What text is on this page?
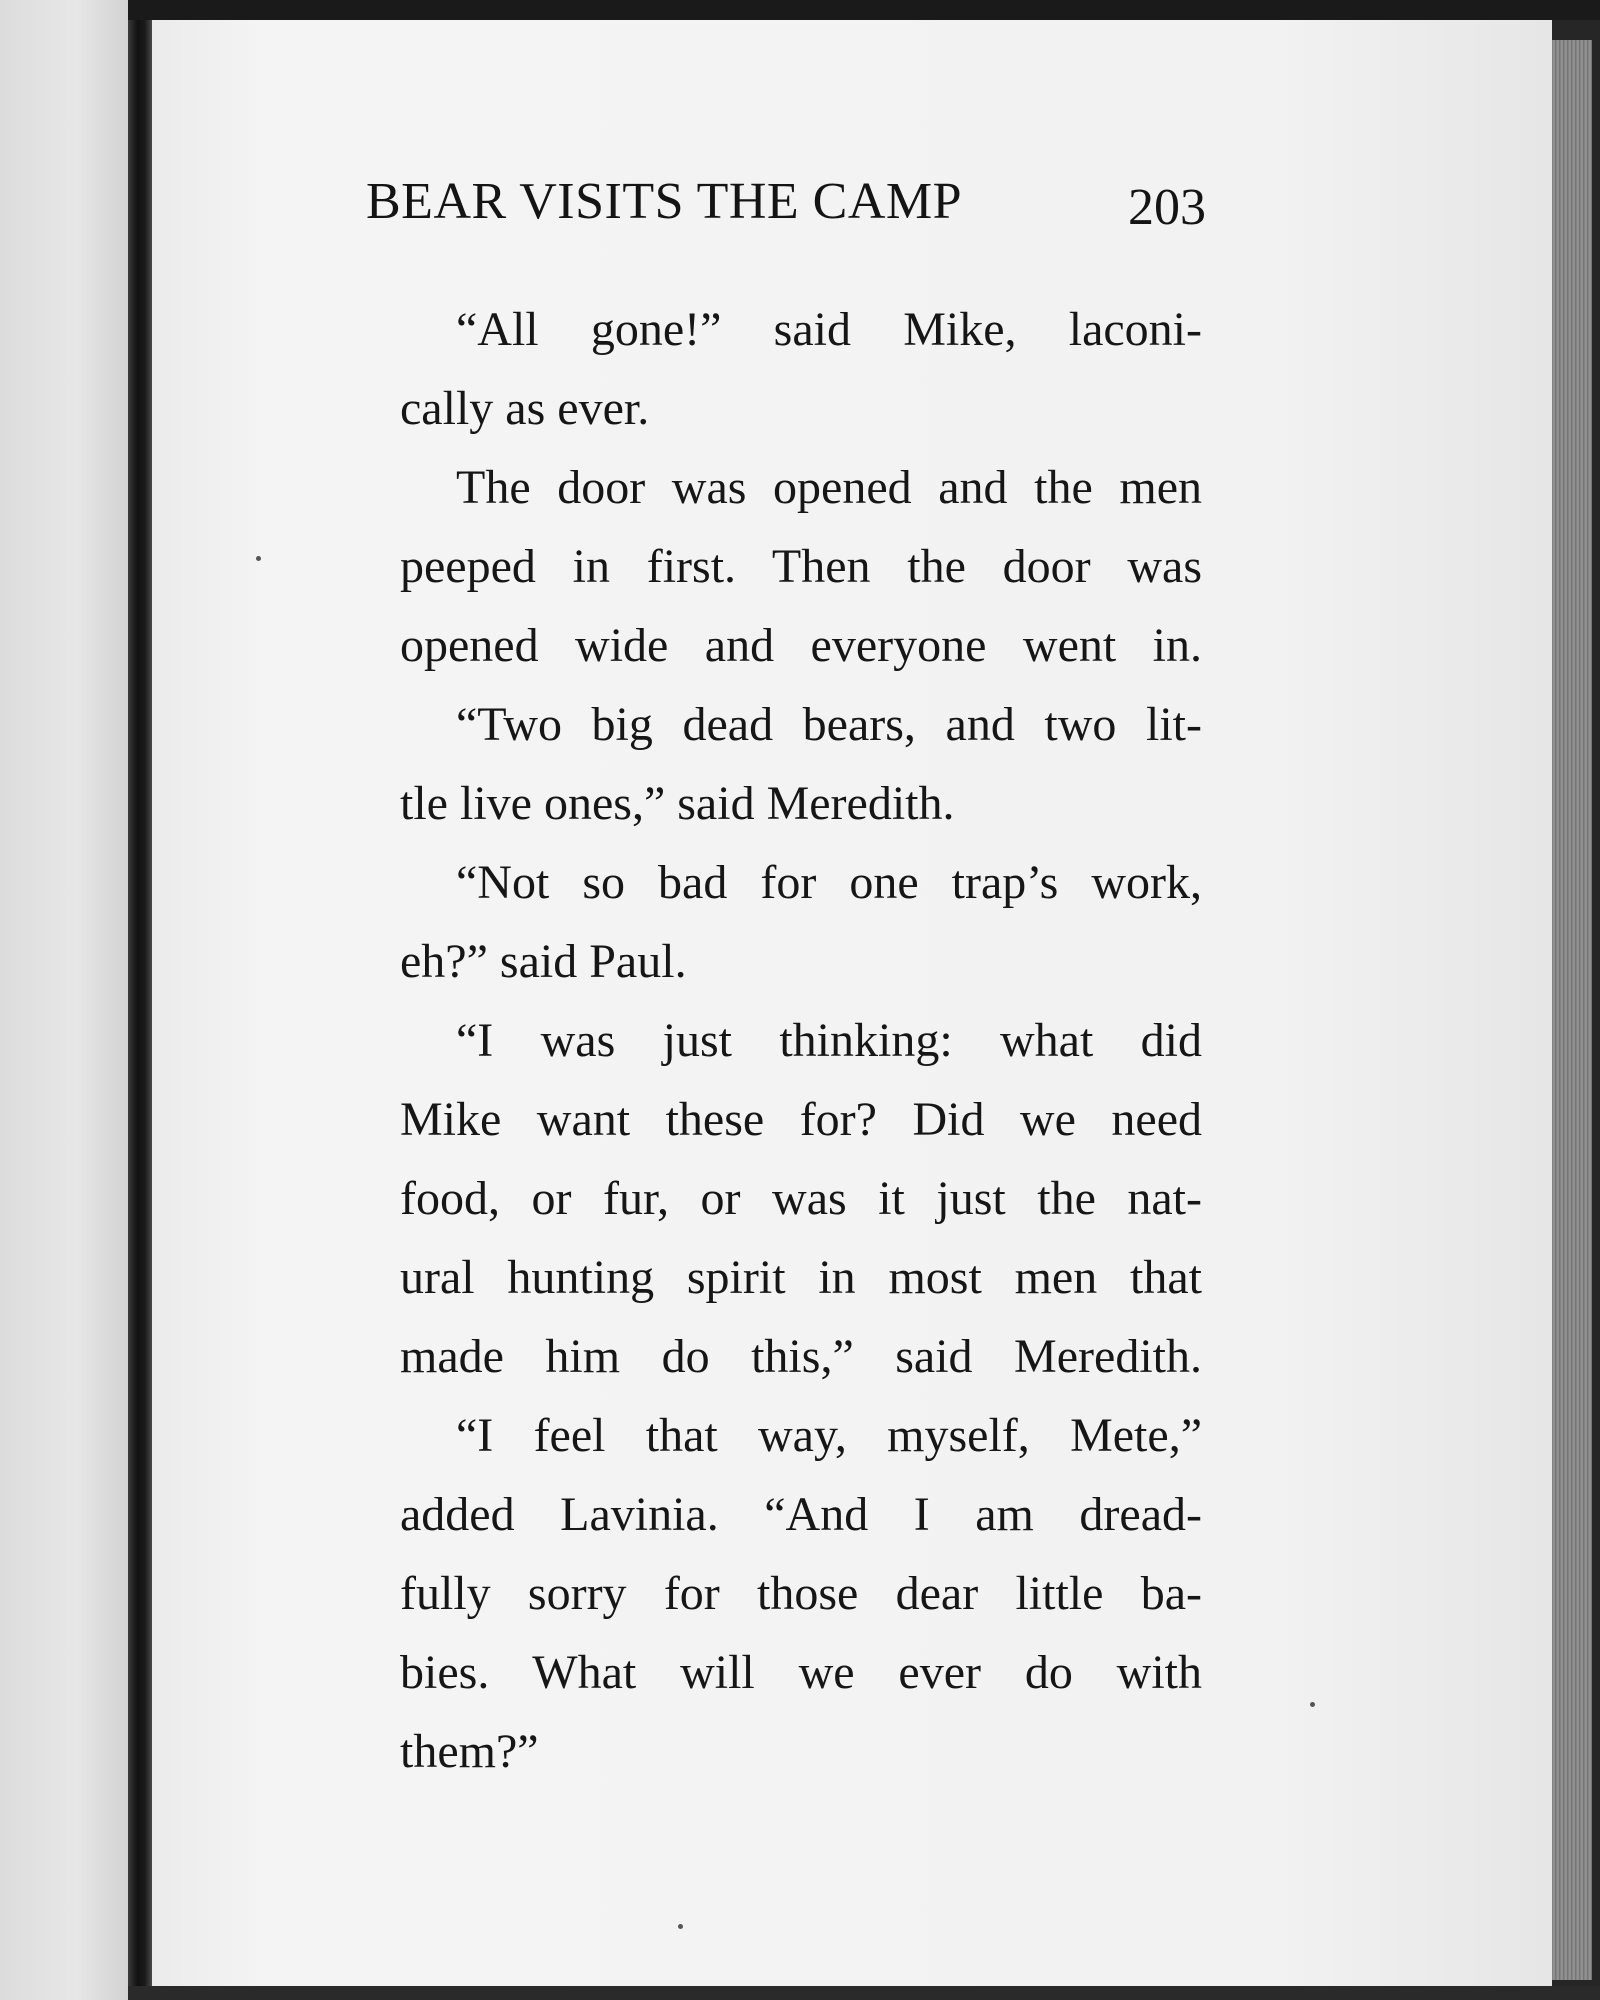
BEAR VISITS THE CAMP	203

“All gone!” said Mike, laconi-
cally as ever.

The door was opened and the men
peeped in first. Then the door was
opened wide and everyone went in.

“Two big dead bears, and two lit-
tle live ones,” said Meredith.

“Not so bad for one trap’s work,
eh?” said Paul.

“I was just thinking: what did
Mike want these for? Did we need
food, or fur, or was it just the nat-
ural hunting spirit in most men that
made him do this,” said Meredith.

“I feel that way, myself, Mete,”
added Lavinia. “And I am dread-
fully sorry for those dear little ba-
bies. What will we ever do with
them?”
